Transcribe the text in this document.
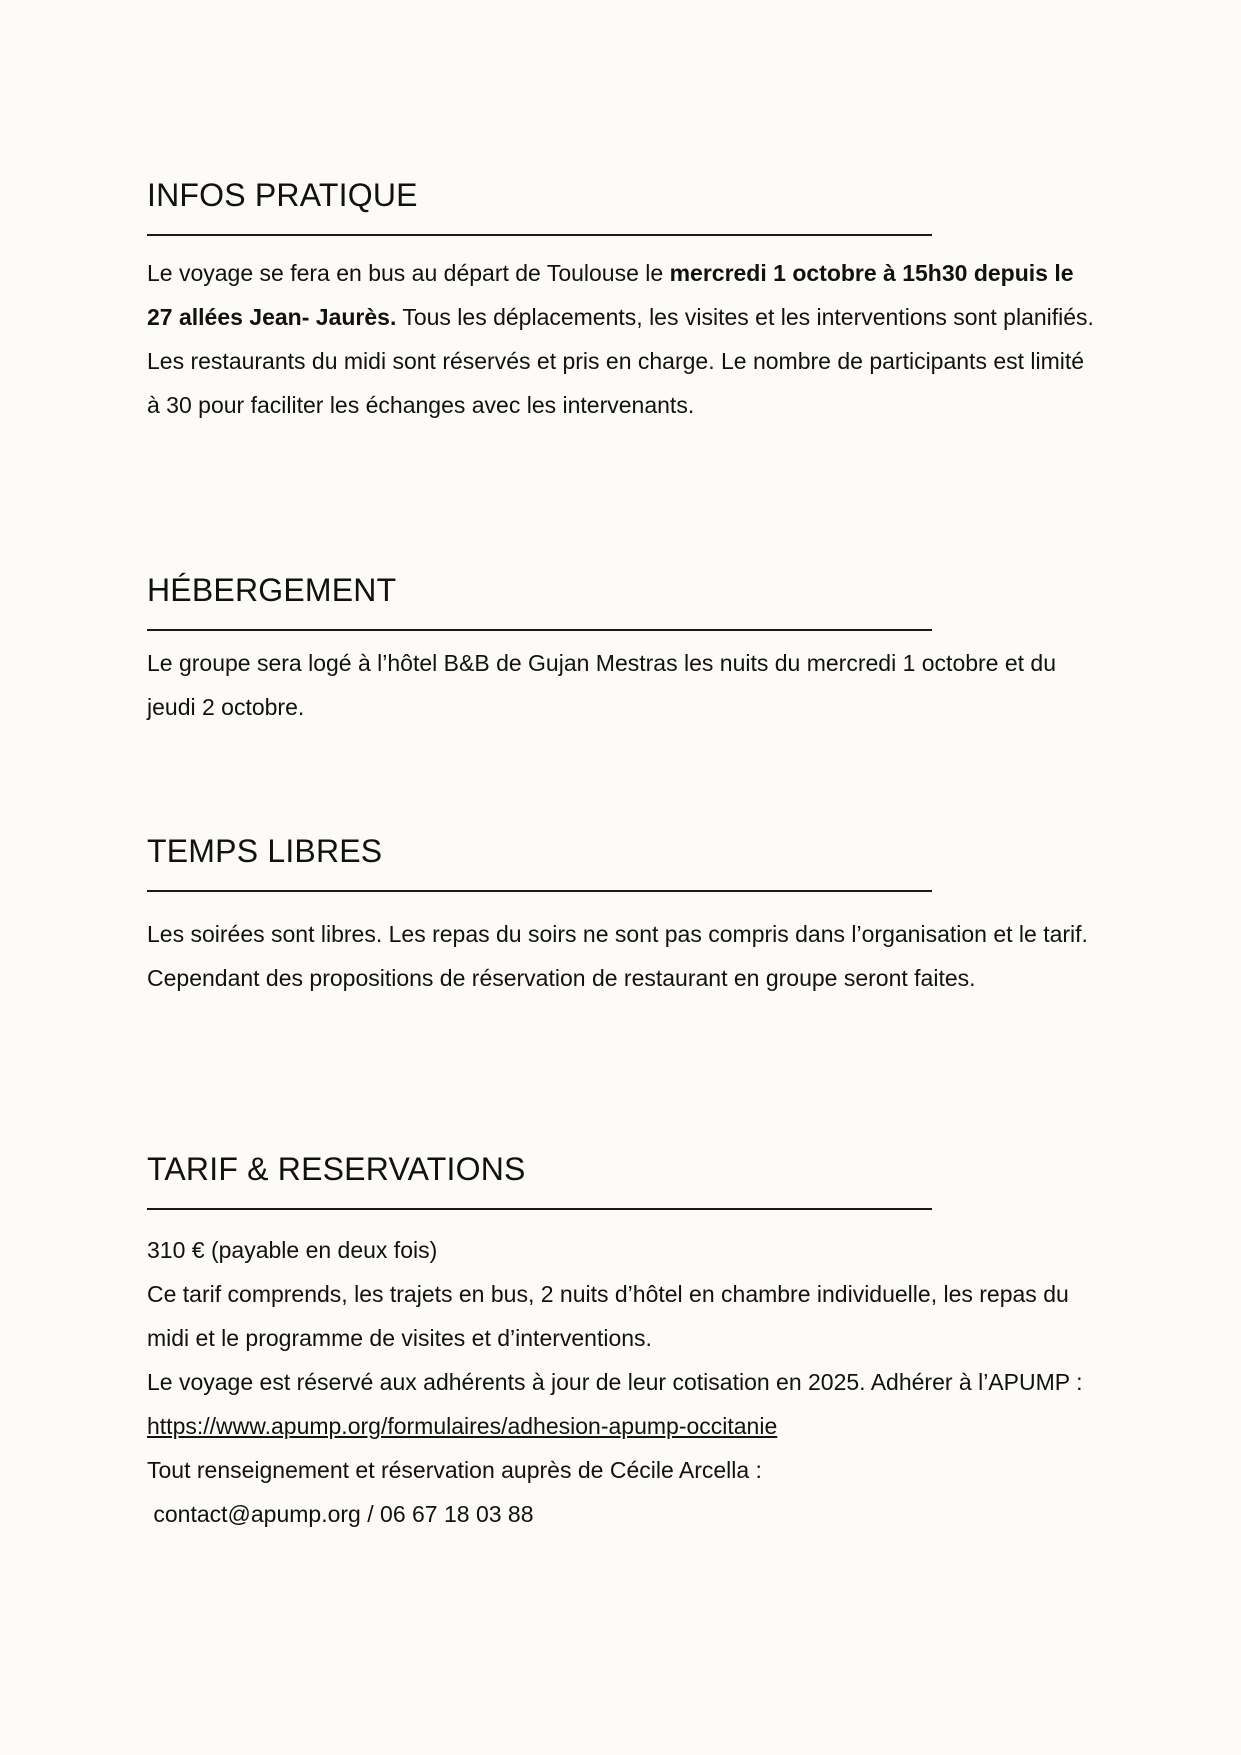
INFOS PRATIQUE

Le voyage se fera en bus au départ de Toulouse le mercredi 1 octobre à 15h30 depuis le 27 allées Jean- Jaurès. Tous les déplacements, les visites et les interventions sont planifiés. Les restaurants du midi sont réservés et pris en charge. Le nombre de participants est limité à 30 pour faciliter les échanges avec les intervenants.

HÉBERGEMENT

Le groupe sera logé à l’hôtel B&B de Gujan Mestras les nuits du mercredi 1 octobre et du jeudi 2 octobre.

TEMPS LIBRES

Les soirées sont libres. Les repas du soirs ne sont pas compris dans l’organisation et le tarif. Cependant des propositions de réservation de restaurant en groupe seront faites.

TARIF & RESERVATIONS

310 € (payable en deux fois)
Ce tarif comprends, les trajets en bus, 2 nuits d’hôtel en chambre individuelle, les repas du midi et le programme de visites et d’interventions.
Le voyage est réservé aux adhérents à jour de leur cotisation en 2025. Adhérer à l’APUMP : https://www.apump.org/formulaires/adhesion-apump-occitanie
Tout renseignement et réservation auprès de Cécile Arcella :
contact@apump.org / 06 67 18 03 88
